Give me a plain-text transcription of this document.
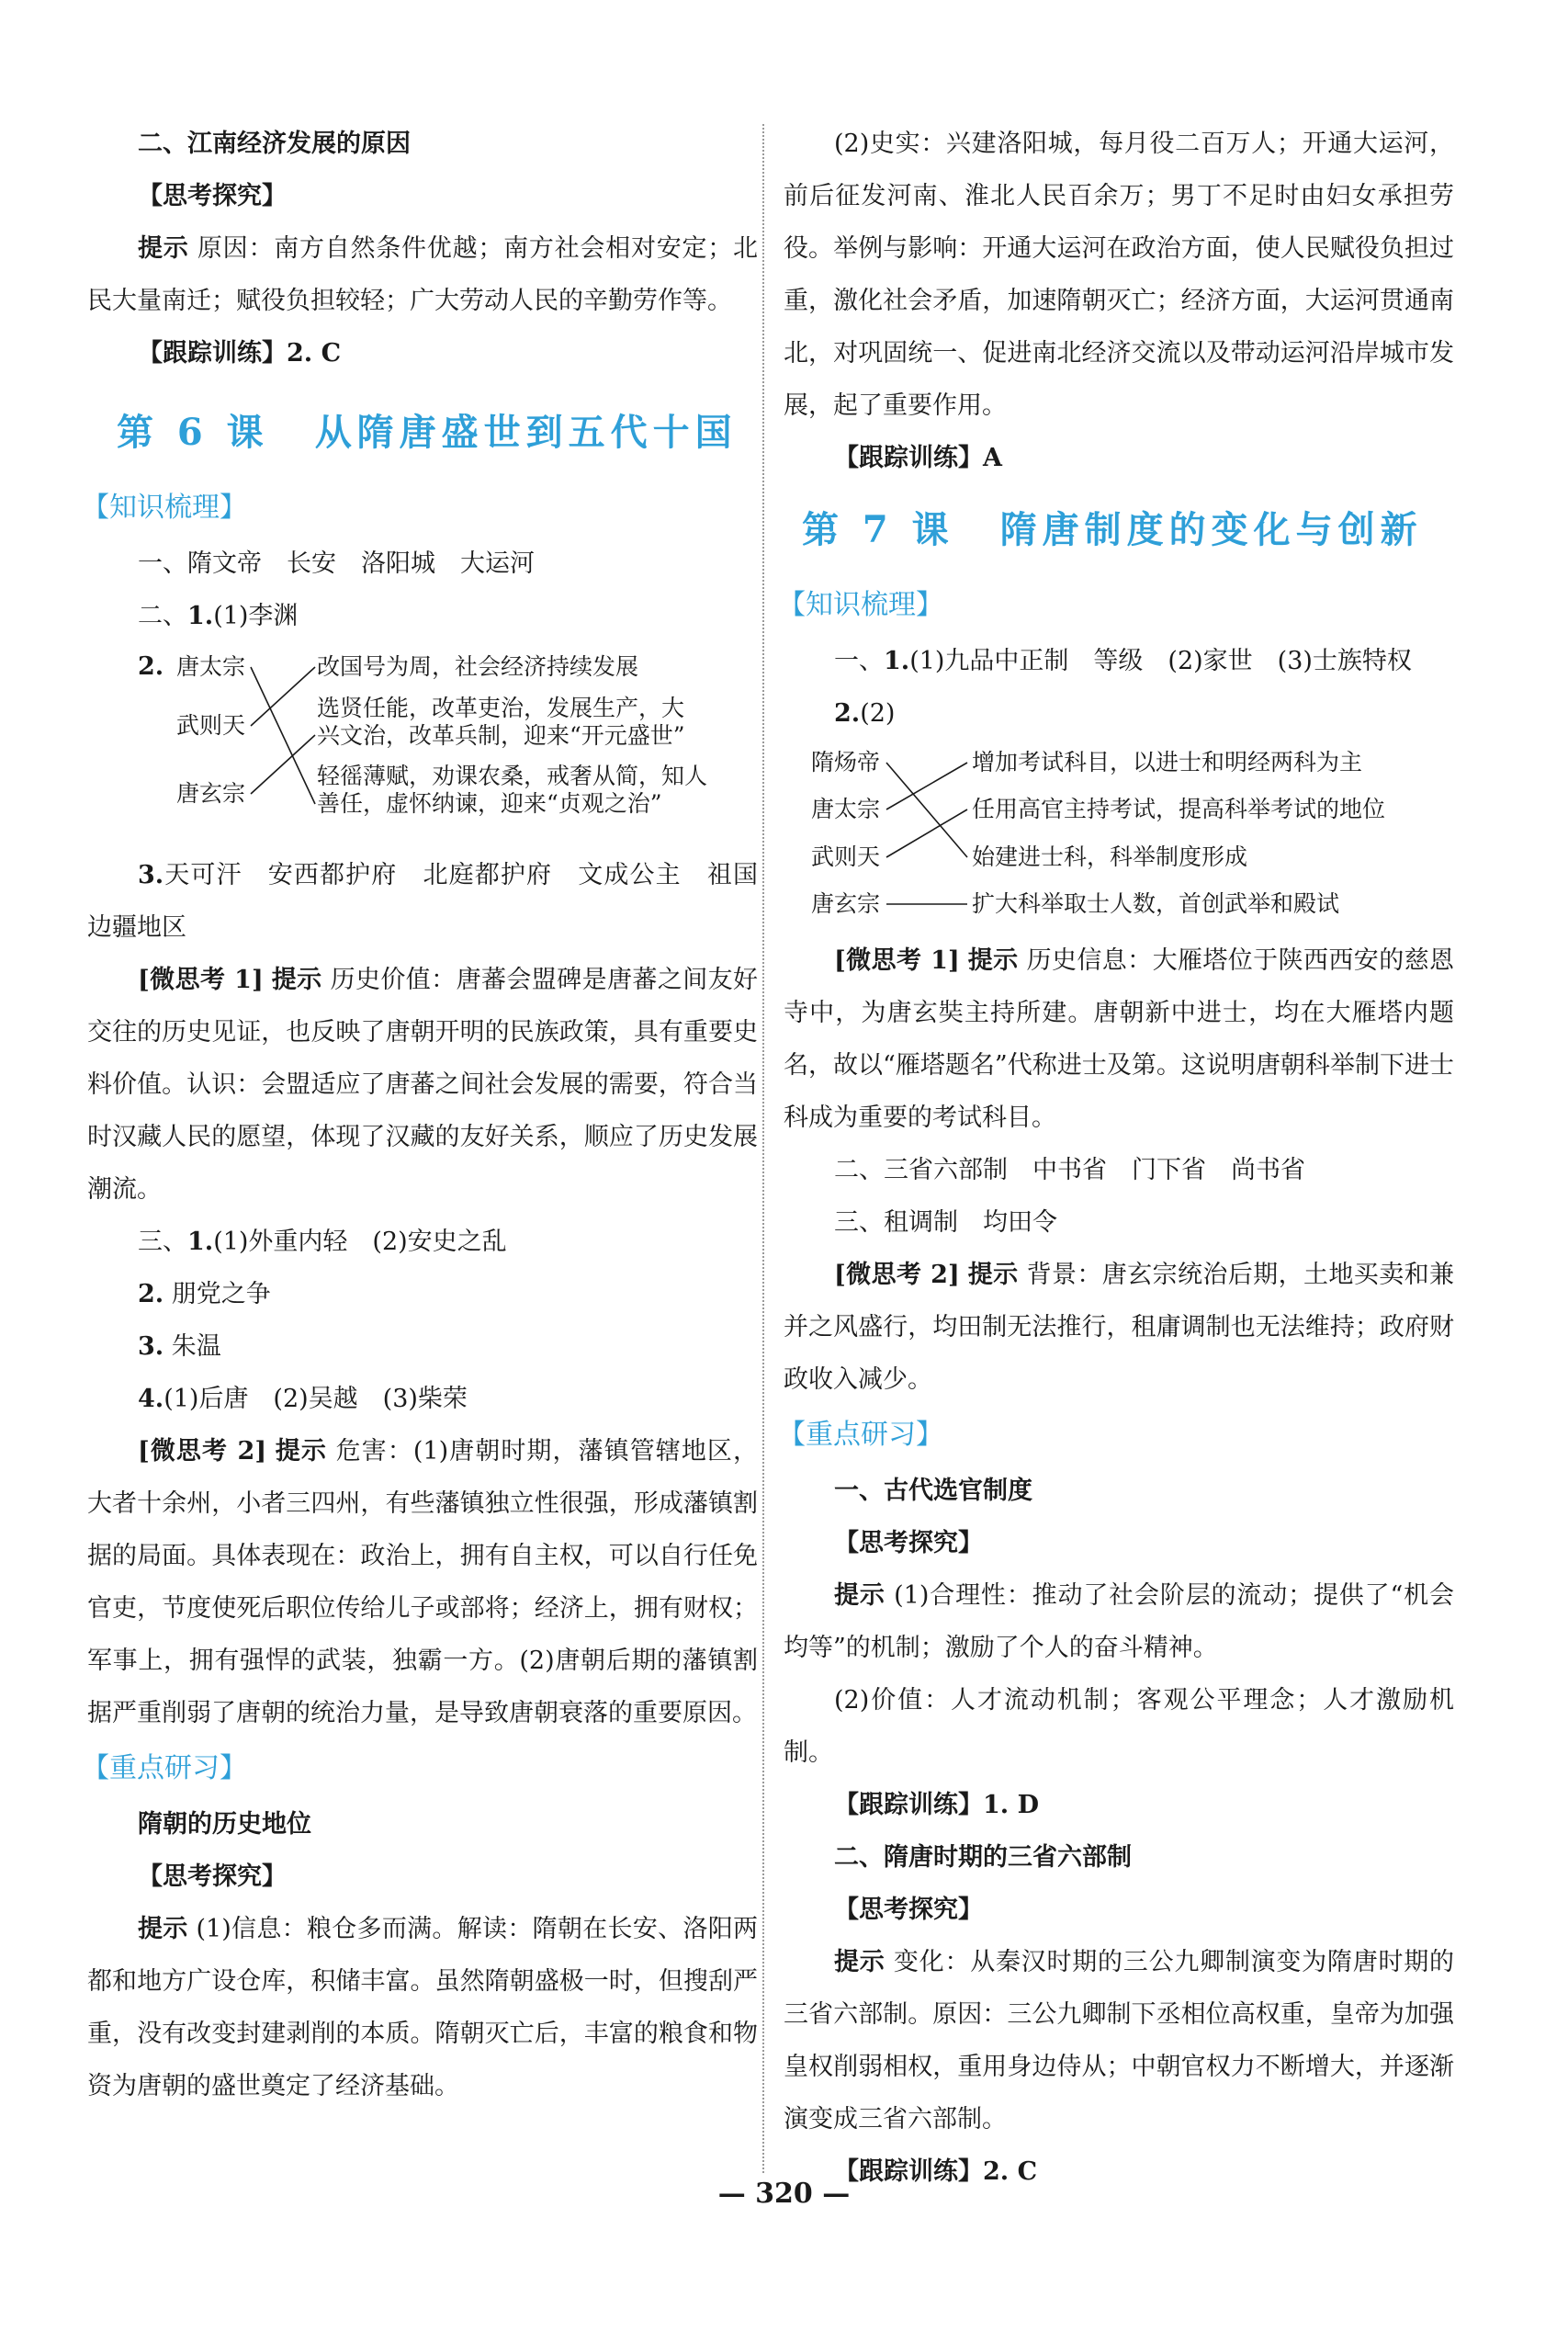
二、江南经济发展的原因
【思考探究】
提示 原因：南方自然条件优越；南方社会相对安定；北民大量南迁；赋役负担较轻；广大劳动人民的辛勤劳作等。
【跟踪训练】2. C
第 6 课 从隋唐盛世到五代十国
【知识梳理】
一、隋文帝　长安　洛阳城　大运河
二、1.(1)李渊
2. 唐太宗
武则天
唐玄宗
改国号为周，社会经济持续发展
选贤任能，改革吏治，发展生产，大
兴文治，改革兵制，迎来“开元盛世”
轻徭薄赋，劝课农桑，戒奢从简，知人
善任，虚怀纳谏，迎来“贞观之治”
3.天可汗　安西都护府　北庭都护府　文成公主　祖国边疆地区
[微思考 1] 提示 历史价值：唐蕃会盟碑是唐蕃之间友好交往的历史见证，也反映了唐朝开明的民族政策，具有重要史料价值。认识：会盟适应了唐蕃之间社会发展的需要，符合当时汉藏人民的愿望，体现了汉藏的友好关系，顺应了历史发展潮流。
三、1.(1)外重内轻　(2)安史之乱
2. 朋党之争
3. 朱温
4.(1)后唐　(2)吴越　(3)柴荣
[微思考 2] 提示 危害：(1)唐朝时期，藩镇管辖地区，大者十余州，小者三四州，有些藩镇独立性很强，形成藩镇割据的局面。具体表现在：政治上，拥有自主权，可以自行任免官吏，节度使死后职位传给儿子或部将；经济上，拥有财权；军事上，拥有强悍的武装，独霸一方。(2)唐朝后期的藩镇割据严重削弱了唐朝的统治力量，是导致唐朝衰落的重要原因。
【重点研习】
隋朝的历史地位
【思考探究】
提示 (1)信息：粮仓多而满。解读：隋朝在长安、洛阳两都和地方广设仓库，积储丰富。虽然隋朝盛极一时，但搜刮严重，没有改变封建剥削的本质。隋朝灭亡后，丰富的粮食和物资为唐朝的盛世奠定了经济基础。
(2)史实：兴建洛阳城，每月役二百万人；开通大运河，前后征发河南、淮北人民百余万；男丁不足时由妇女承担劳役。举例与影响：开通大运河在政治方面，使人民赋役负担过重，激化社会矛盾，加速隋朝灭亡；经济方面，大运河贯通南北，对巩固统一、促进南北经济交流以及带动运河沿岸城市发展，起了重要作用。
【跟踪训练】A
第 7 课 隋唐制度的变化与创新
【知识梳理】
一、1.(1)九品中正制　等级　(2)家世　(3)士族特权
2.(2)
隋炀帝
唐太宗
武则天
唐玄宗
增加考试科目，以进士和明经两科为主
任用高官主持考试，提高科举考试的地位
始建进士科，科举制度形成
扩大科举取士人数，首创武举和殿试
[微思考 1] 提示 历史信息：大雁塔位于陕西西安的慈恩寺中，为唐玄奘主持所建。唐朝新中进士，均在大雁塔内题名，故以“雁塔题名”代称进士及第。这说明唐朝科举制下进士科成为重要的考试科目。
二、三省六部制　中书省　门下省　尚书省
三、租调制　均田令
[微思考 2] 提示 背景：唐玄宗统治后期，土地买卖和兼并之风盛行，均田制无法推行，租庸调制也无法维持；政府财政收入减少。
【重点研习】
一、古代选官制度
【思考探究】
提示 (1)合理性：推动了社会阶层的流动；提供了“机会均等”的机制；激励了个人的奋斗精神。
(2)价值：人才流动机制；客观公平理念；人才激励机制。
【跟踪训练】1. D
二、隋唐时期的三省六部制
【思考探究】
提示 变化：从秦汉时期的三公九卿制演变为隋唐时期的三省六部制。原因：三公九卿制下丞相位高权重，皇帝为加强皇权削弱相权，重用身边侍从；中朝官权力不断增大，并逐渐演变成三省六部制。
【跟踪训练】2. C
— 320 —
